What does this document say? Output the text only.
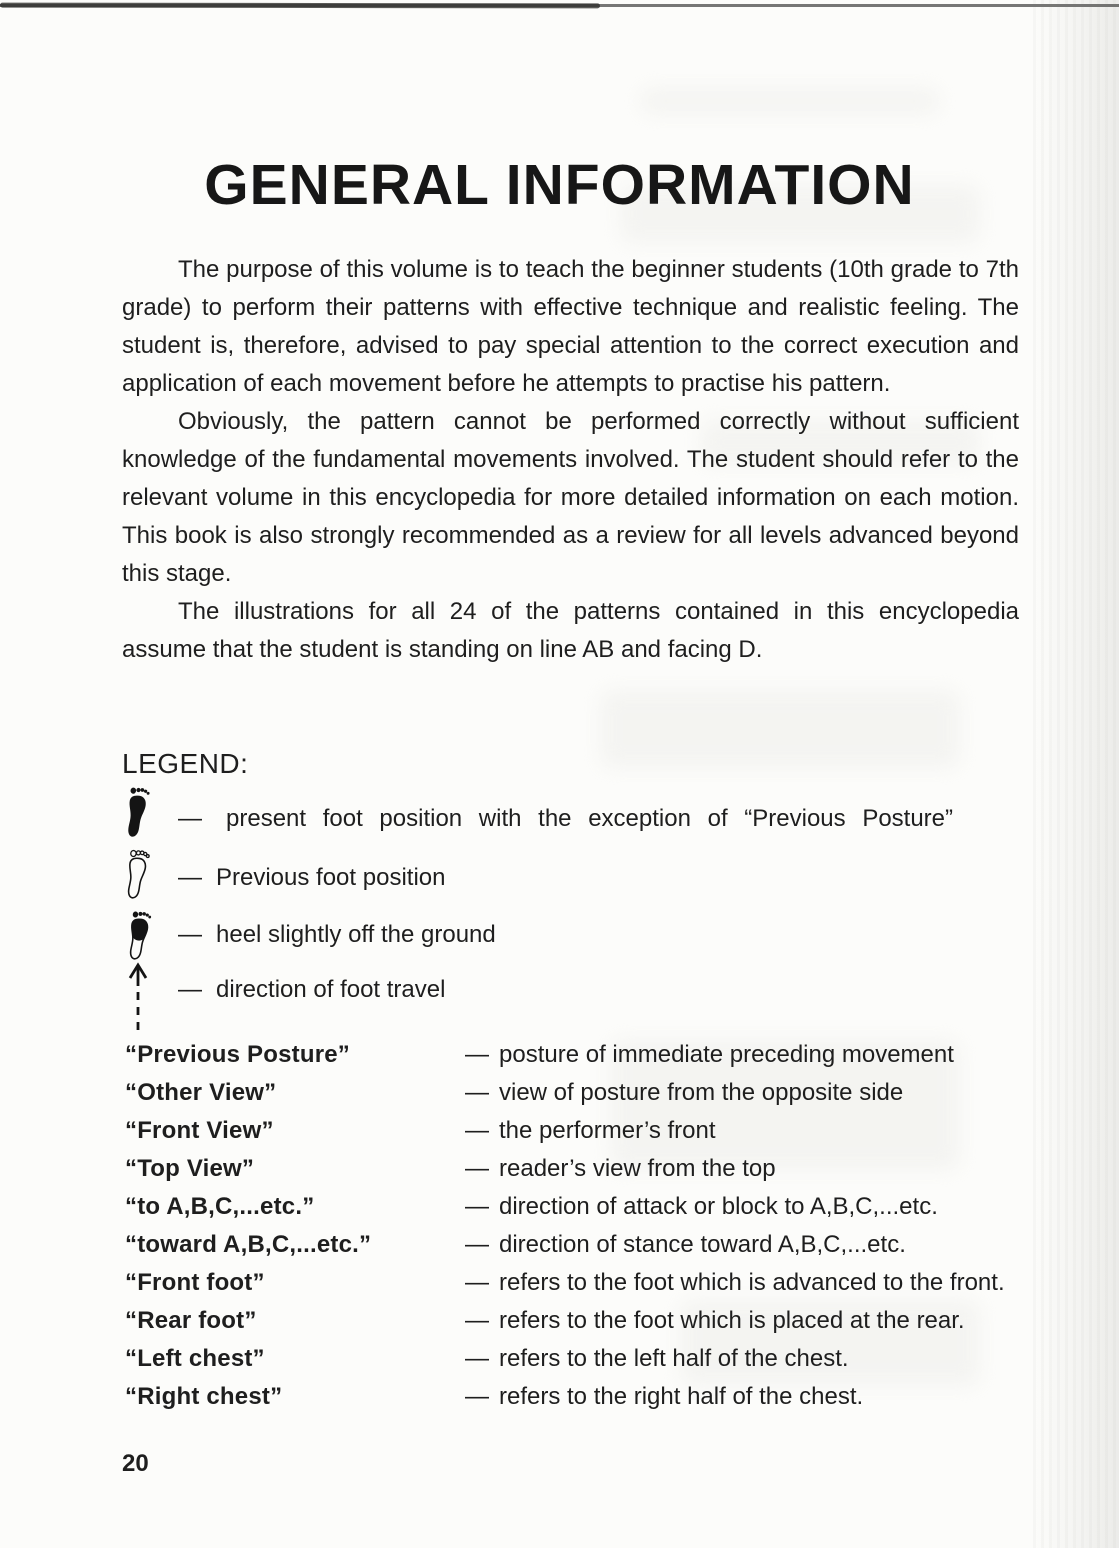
GENERAL INFORMATION

The purpose of this volume is to teach the beginner students (10th grade to 7th grade) to perform their patterns with effective technique and realistic feeling. The student is, therefore, advised to pay special attention to the correct execution and application of each movement before he attempts to practise his pattern.

Obviously, the pattern cannot be performed correctly without sufficient knowledge of the fundamental movements involved. The student should refer to the relevant volume in this encyclopedia for more detailed information on each motion. This book is also strongly recommended as a review for all levels advanced beyond this stage.

The illustrations for all 24 of the patterns contained in this encyclopedia assume that the student is standing on line AB and facing D.

LEGEND:
— present foot position with the exception of “Previous Posture”
— Previous foot position
— heel slightly off the ground
— direction of foot travel
“Previous Posture”	— posture of immediate preceding movement
“Other View”	— view of posture from the opposite side
“Front View”	— the performer’s front
“Top View”	— reader’s view from the top
“to A,B,C,...etc.”	— direction of attack or block to A,B,C,...etc.
“toward A,B,C,...etc.”	— direction of stance toward A,B,C,...etc.
“Front foot”	— refers to the foot which is advanced to the front.
“Rear foot”	— refers to the foot which is placed at the rear.
“Left chest”	— refers to the left half of the chest.
“Right chest”	— refers to the right half of the chest.
20
